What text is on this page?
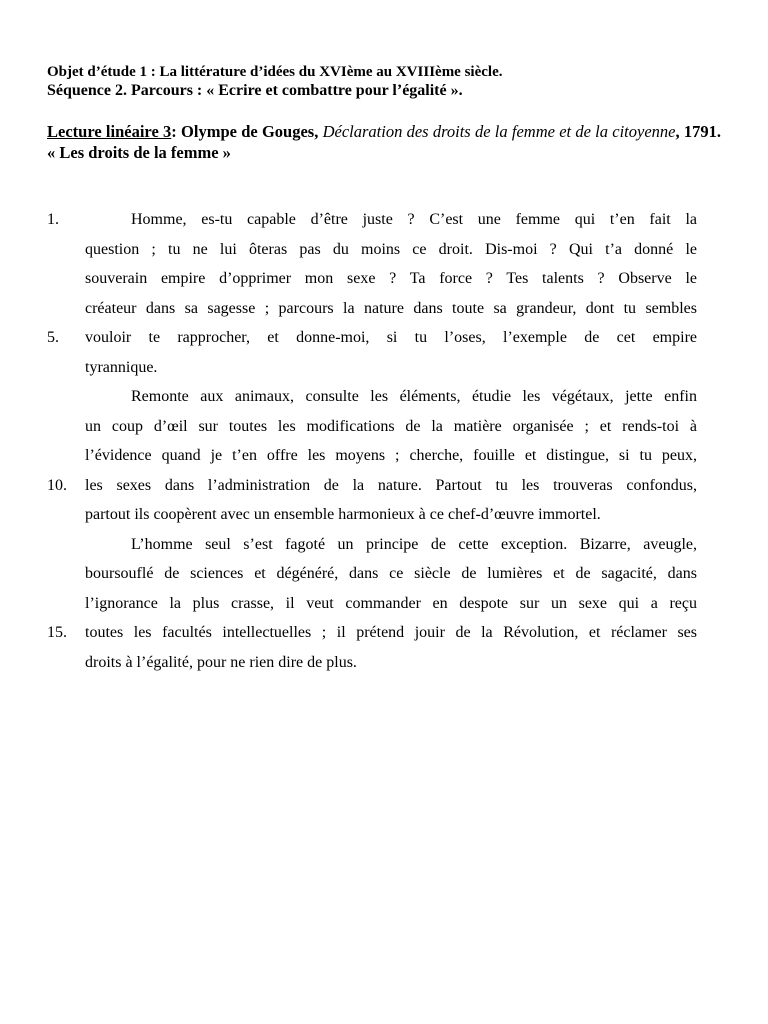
Objet d’étude 1 : La littérature d’idées du XVIème au XVIIIème siècle.
Séquence 2. Parcours : « Ecrire et combattre pour l’égalité ».

Lecture linéaire 3: Olympe de Gouges, Déclaration des droits de la femme et de la citoyenne, 1791. « Les droits de la femme »

1.	Homme, es-tu capable d’être juste ? C’est une femme qui t’en fait la
question ; tu ne lui ôteras pas du moins ce droit. Dis-moi ? Qui t’a donné le
souverain empire d’opprimer mon sexe ? Ta force ? Tes talents ? Observe le
créateur dans sa sagesse ; parcours la nature dans toute sa grandeur, dont tu sembles
5. vouloir te rapprocher, et donne-moi, si tu l’oses, l’exemple de cet empire
tyrannique.
Remonte aux animaux, consulte les éléments, étudie les végétaux, jette enfin
un coup d’œil sur toutes les modifications de la matière organisée ; et rends-toi à
l’évidence quand je t’en offre les moyens ; cherche, fouille et distingue, si tu peux,
10. les sexes dans l’administration de la nature. Partout tu les trouveras confondus,
partout ils coopèrent avec un ensemble harmonieux à ce chef-d’œuvre immortel.
L’homme seul s’est fagoté un principe de cette exception. Bizarre, aveugle,
boursouflé de sciences et dégénéré, dans ce siècle de lumières et de sagacité, dans
l’ignorance la plus crasse, il veut commander en despote sur un sexe qui a reçu
15. toutes les facultés intellectuelles ; il prétend jouir de la Révolution, et réclamer ses
droits à l’égalité, pour ne rien dire de plus.
